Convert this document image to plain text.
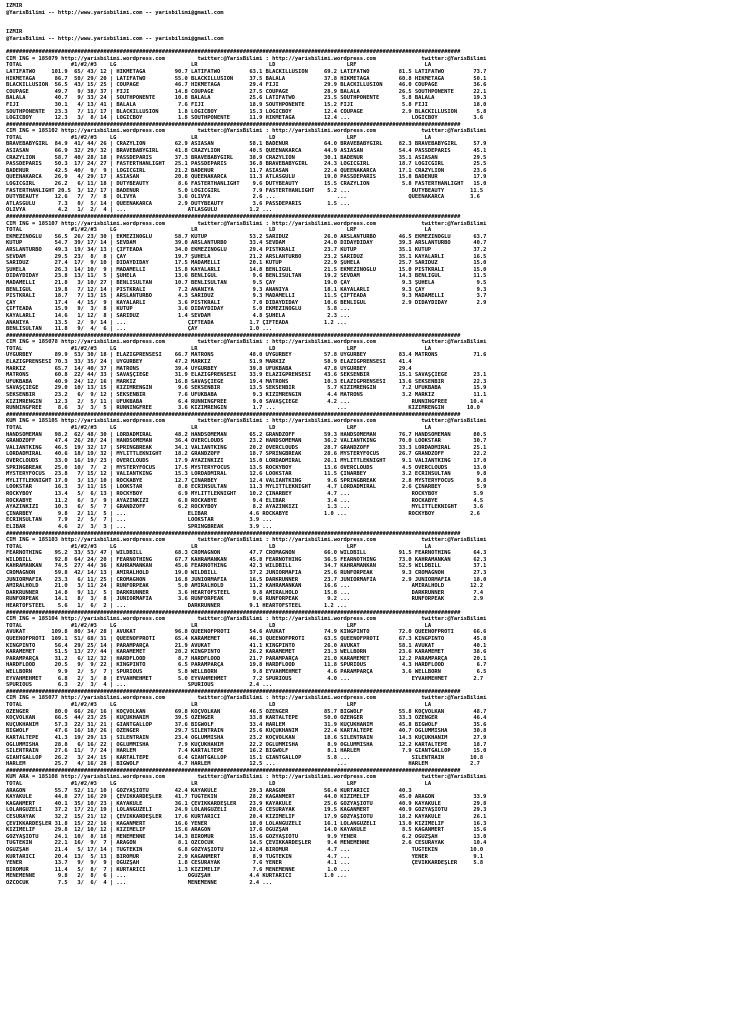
IZMIR
@YarisBilimi -- http://www.yarisbilimi.com -- yarisbilimi@gmail.com

IZMIR
@YarisBilimi -- http://www.yarisbilimi.com -- yarisbilimi@gmail.com

############################################################################################################################################
CIM ING = 185079 http://yarisbilimi.wordpress.com          twitter:@YarisBilimi : http://yarisbilimi.wordpress.com              twitter:@YarisBilimi
TOTAL               #1/#2/#3    LG                       LR                      LD                      LRF                     LA
LATİFATWO     101.9  65/ 43/ 12 | HIKMETAĞA         90.7 LATİFATWO         63.1 BLACKILLUSION     69.2 LATİFATWO         81.5 LATİFATWO         73.7
HIKMETAĞA      86.7  50/ 29/ 20 | LATİFATWO         55.0 BLACKILLUSION     37.5 BALALA            37.8 HIKMETAĞA         60.8 HIKMETAĞA         50.1
BLACKILLUSION  56.5  43/ 15/ 25 | COUPAGE           46.7 HIKMETAĞA         29.4 FIJI              29.9 BLACKILLUSION     46.0 COUPAGE           36.6
COUPAGE        49.7   9/ 38/ 37 | FIJI              14.8 COUPAGE           27.5 COUPAGE           28.9 BALALA            26.5 SOUTHPONENTE      22.1
BALALA         40.7   9/ 33/ 24 | SOUTHPONENTE      10.8 BALALA            25.6 LATİFATWO         23.5 SOUTHPONENTE       5.8 BALALA            19.3
FIJI           30.1   4/ 13/ 41 | BALALA             7.6 FIJI              18.9 SOUTHPONENTE      15.2 FIJI               5.8 FIJI              18.0
SOUTHPONENTE   23.3   7/ 11/ 17 | BLACKILLUSION      1.8 LOGICBOY          15.3 LOGICBOY          12.4 COUPAGE            2.9 BLACKILLUSION      5.8
LOGICBOY       12.3   3/  8/ 14 | LOGICBOY           1.8 SOUTHPONENTE      11.9 HIKMETAĞA         12.4 ...                   LOGICBOY           3.6
############################################################################################################################################
CIM ING = 185102 http://yarisbilimi.wordpress.com          twitter:@YarisBilimi : http://yarisbilimi.wordpress.com              twitter:@YarisBilimi
TOTAL               #1/#2/#3    LG                       LR                      LD                      LRF                     LA
BRÄVEBABYGIRL  84.9  41/ 44/ 26 | CRAZYLION         62.9 ASIASAN           58.1 BADENUR           64.0 BRÄVEBABYGIRL     82.3 BRÄVEBABYGIRL     57.9
ASIASAN        66.9  32/ 29/ 32 | BRÄVEBABYGIRL     41.8 CRAZYLION         40.5 QUEENAKARCA       44.9 ASIASAN           54.4 PASSDEPARIS       45.1
CRAZYLION      58.7  40/ 28/ 18 | PASSDEPARIS       37.3 BRÄVEBABYGIRL     38.9 CRAZYLION         30.1 BADENUR           35.1 ASIASAN           29.5
PASSDEPARIS    50.3  17/ 24/ 27 | FASTERTHANLIGHT   25.1 PASSDEPARIS       36.8 BRÄVEBABYGIRL     24.3 LOGICGIRL         18.7 LOGICGIRL         25.5
BADENUR        42.5  40/  9/  9 | LOGICGIRL         21.2 BADENUR           11.7 ASIASAN           22.4 QUEENAKARCA       17.1 CRAZYLION         23.6
QUEENAKARCA    26.9   4/ 29/ 17 | ASIASAN           20.8 QUEENAKARCA       11.3 ATLASGÜLÜ         19.0 PASSDEPARIS       15.8 BADENUR           17.9
LOGICGIRL      26.2   6/ 11/ 18 | DUTYBEAUTY         8.6 FASTERTHANLIGHT    9.6 DUTYBEAUTY        15.5 CRAZYLION          5.8 FASTERTHANLIGHT   15.0
FASTERTHANLIGHT 20.5  3/ 12/ 17 | BADENUR            5.0 LOGICGIRL          7.9 FASTERTHANLIGHT    5.2 ...                   DUTYBEAUTY        11.5
DUTYBEAUTY     12.6   7/  7/  8 | OLIVYA             3.6 OLIVYA             2.6 ...                   ...                   QUEENAKARCA        3.6
ATLASGÜLÜ       7.3   0/  5/ 14 | QUEENAKARCA        2.9 DUTYBEAUTY         3.6 PASSDEPARIS        1.5 ...
OLIVYA          4.2   1/  2/  4 | ...                   ATLASGÜLÜ          1.2 ...
############################################################################################################################################
CIM ING = 185107 http://yarisbilimi.wordpress.com          twitter:@YarisBilimi : http://yarisbilimi.wordpress.com              twitter:@YarisBilimi
TOTAL               #1/#2/#3    LG                       LR                      LD                      LRF                     LA
EKMEZİNOĞLU    56.5  26/ 23/ 30 | EKMEZİNOĞLU       58.7 KUTUP             53.2 SARIDUZ           26.0 ARSLANTURBO       46.5 EKMEZİNOĞLU       63.7
KUTUP          54.7  39/ 17/ 14 | SEVDAM            39.0 ARSLANTURBO       33.4 SEVDAM            24.0 DIDAYDIDAY        39.3 ARSLANTURBO       40.7
ARSLANTURBO    49.3  19/ 34/ 13 | ÇİFTEADA          34.0 EKMEZİNOĞLU       29.4 PİSTKRALI         23.7 KUTUP             35.1 KUTUP             37.2
SEVDAM         29.5  23/  8/  8 | ÇAY               19.7 ŞUHELA            21.2 ARSLANTURBO       23.2 SARIDUZ           35.1 KAYALARLI         16.5
SARIDUZ        27.4  17/  9/ 10 | DIDAYDIDAY        17.5 MADAMELLİ         20.1 KUTUP             22.9 ŞUHELA            25.7 SARIDUZ           15.0
ŞUHELA         26.3  14/ 10/  9 | MADAMELLİ         15.8 KAYALARLI         14.8 BENLİGÜL          21.5 EKMEZİNOĞLU       15.0 PİSTKRALI         15.0
DIDAYDIDAY     23.8  13/ 11/  5 | ŞUHELA            13.6 BENLİGÜL           9.6 BENLİSULTAN       19.2 SEVDAM            14.3 BENLİGÜL          11.5
MADAMELLİ      21.8   3/ 10/ 27 | BENLİSULTAN       10.7 BENLİSULTAN        9.5 ÇAY               19.0 ÇAY                9.3 ŞUHELA             9.5
BENLİGÜL       19.8   7/ 12/ 14 | PİSTKRALI          7.2 ANANİYA            9.3 ANANİYA           18.1 KAYALARLI          9.3 ÇAY                9.3
PİSTKRALI      18.7   7/ 13/ 15 | ARSLANTURBO        4.3 SARIDUZ            9.3 MADAMELLİ         11.5 ÇİFTEADA           9.3 MADAMELLİ          3.7
ÇAY            17.4   4/ 15/  9 | KAYALARLI          3.6 PİSTKRALI          7.0 DIDAYDIDAY        10.6 BENLİGÜL           2.9 DIDAYDIDAY         2.9
ÇİFTEADA       15.9   9/  3/  8 | KUTUP              3.6 DIDAYDIDAY         5.0 EKMEZİNOĞLU        5.8 ...
KAYALARLI      14.6   1/ 12/  8 | SARIDUZ            1.4 SEVDAM             4.8 ŞUHELA             2.3 ...
ANANİYA        13.5   2/  9/ 14 | ...                   ÇİFTEADA           1.7 ÇİFTEADA           1.2 ...
BENLİSULTAN    11.8   9/  4/  6 | ...                   ÇAY                1.0 ...
############################################################################################################################################
CIM ING = 185078 http://yarisbilimi.wordpress.com          twitter:@YarisBilimi : http://yarisbilimi.wordpress.com              twitter:@YarisBilimi
TOTAL               #1/#2/#3    LG                       LR                      LD                      LRF                     LA
UYGURBEY       89.9  53/ 30/ 18 | ELAZIĞPRENSESİ    66.7 MATRONS           48.0 UYGURBEY          57.8 UYGURBEY          83.4 MATRONS           71.6
ELAZIĞPRENSESİ 70.3  33/ 35/ 24 | UYGURBEY          47.2 MARKIZ            51.9 MARKIZ            58.9 ELAZIĞPRENSESİ    41.4
MARKIZ         65.7  14/ 40/ 37 | MATRONS           39.4 UYGURBEY          39.8 UFUKBABA          47.8 UYGURBEY          29.4
MATRONS        60.8  22/ 44/ 33 | SAVAŞÇIEGE        31.9 ELAZIĞPRENSESİ    33.9 ELAZIĞPRENSESİ    43.6 SEKSENBİR         15.1 SAVAŞÇIEGE        23.1
UFUKBABA       40.9  24/ 12/ 16 | MARKIZ            16.8 SAVAŞÇIEGE        19.4 MATRONS           10.3 ELAZIĞPRENSESİ    13.6 SEKSENBİR         22.3
SAVAŞÇIEGE     29.0  10/ 13/ 15 | KIZIMRENGIN        9.6 SEKSENBİR         13.5 SEKSENBİR          5.7 KIZIMRENGIN        7.2 UFUKBABA          15.9
SEKSENBİR      23.2   6/  9/ 12 | SEKSENBİR          7.6 UFUKBABA           9.3 KIZIMRENGIN        4.4 MATRONS            3.2 MARKIZ            11.1
KIZIMRENGIN    12.3   2/  5/ 11 | UFUKBABA           6.4 RUNNINGFREE        9.0 SAVAŞÇIEGE         4.2 ...                   RUNNINGFREE       10.4
RUNNINGFREE     8.6   3/  3/  5 | RUNNINGFREE        3.6 KIZIMRENGIN        1.7 ...                   ...                   KIZIMRENGIN       10.0
############################################################################################################################################
KUM ING = 185105 http://yarisbilimi.wordpress.com          twitter:@YarisBilimi : http://yarisbilimi.wordpress.com              twitter:@YarisBilimi
TOTAL               #1/#2/#3    LG                       LR                      LD                      LRF                     LA
HANDSOMEMAN    98.2  62/ 48/ 30 | LORDADMIRAL       48.2 HANDSOMEMAN       65.2 GRANDZOFF         59.3 HANDSOMEMAN       76.7 HANDSOMEMAN       80.5
GRANDZOFF      47.4  26/ 28/ 24 | HANDSOMEMAN       36.4 OVERCLOUDS        23.2 HANDSOMEMAN       36.2 VALIANTKING       70.0 LOOKSTAR          30.7
VALIANTKING    46.5  19/ 32/ 17 | SPRINGBREAK       34.1 VALIANTKING       20.2 OVERCLOUDS        28.7 GRANDZOFF         33.3 LORDADMIRAL       25.1
LORDADMIRAL    40.6  18/ 19/ 32 | MYLITTLEKNIGHT    18.2 GRANDZOFF         18.7 SPRINGBREAK       28.6 MYSTERYFOCUS      26.7 GRANDZOFF         22.2
OVERCLOUDS     33.0  16/ 19/ 23 | OVERCLOUDS        17.9 AYAZINKIZI        15.0 LORDADMIRAL       26.1 MYLITTLEKNIGHT     9.1 VALIANTKING       17.0
SPRINGBREAK    25.0  10/  7/  2 | MYSTERYFOCUS      17.5 MYSTERYFOCUS      13.5 ROCKYBOY          13.6 OVERCLOUDS         4.5 OVERCLOUDS        13.0
MYSTERYFOCUS   23.8   7/ 15/ 12 | VALIANTKING       15.3 LORDADMIRAL       12.6 LOOKSTAR          11.5 ÇINARBEY           3.2 ECRINSULTAN        9.8
MYLITTLEKNIGHT 17.0   3/ 13/ 10 | ROCKABYE          12.7 ÇINARBEY          12.4 VALIANTKING        9.6 SPRINGBREAK        2.8 MYSTERYFOCUS       9.8
LOOKSTAR       16.3   3/ 11/ 15 | LOOKSTAR           8.8 ECRINSULTAN       11.3 MYLITTLEKNIGHT     4.7 LORDADMIRAL        2.6 ÇINARBEY           5.9
ROCKYBOY       13.4   5/  6/ 13 | ROCKYBOY           6.9 MYLITTLEKNIGHT    10.2 ÇINARBEY           4.7 ...                   ROCKYBOY           5.9
ROCKABYE       11.2   6/  3/  9 | AYAZINKIZI         6.8 ROCKABYE           9.4 ELİBAR             3.4 ...                   ROCKABYE           4.5
AYAZINKIZI     10.3   6/  5/  7 | GRANDZOFF          6.2 ROCKYBOY           8.2 AYAZINKIZI         1.3 ...                   MYLITTLEKNIGHT     3.6
ÇINARBEY        9.8   2/ 11/  5 | ...                   ELİBAR             4.6 ROCKABYE           1.0 ...                   ROCKYBOY           2.6
ECRINSULTAN     7.9   2/  5/  7 | ...                   LOOKSTAR           3.9 ...
ELİBAR          4.6   2/  3/  3 | ...                   SPRINGBREAK        3.9 ...
############################################################################################################################################
CIM ING = 185103 http://yarisbilimi.wordpress.com          twitter:@YarisBilimi : http://yarisbilimi.wordpress.com              twitter:@YarisBilimi
TOTAL               #1/#2/#3    LG                       LR                      LD                      LRF                     LA
FEARNOTHING    95.2  33/ 53/ 47 | WILDBILL          68.3 CROMAGNON         47.7 CROMAGNON         66.0 WILDBILL          91.5 FEARNOTHING       64.3
WILDBILL       92.8  64/ 24/ 20 | FEARNOTHING       67.7 KAHRAMANKAN       45.8 FEARNOTHING       36.5 FEARNOTHING       73.0 KAHRAMANKAN       62.3
KAHRAMANKAN    74.5  27/ 44/ 36 | KAHRAMANKAN       45.6 FEARNOTHING       42.3 WILDBILL          34.7 KAHRAMANKAN       52.5 WILDBILL          37.1
CROMAGNON      59.8  42/ 14/ 13 | AMIRALHOLD        19.0 WILDBILL          37.2 JUNIORMAFIA       25.6 RUNFORPEAK         9.3 CROMAGNON         27.3
JUNIORMAFIA    23.3   6/ 11/ 25 | CROMAGNON         16.8 JUNIORMAFIA       16.5 DARKRUNNER        23.7 JUNIORMAFIA        2.9 JUNIORMAFIA       18.0
AMIRALHOLD     21.0   3/ 11/ 24 | RUNFORPEAK         5.0 AMIRALHOLD        11.2 KAHRAMANKAN       16.6 ...                   AMIRALHOLD        12.2
DARKRUNNER     14.8   9/ 11/  5 | DARKRUNNER         3.6 HEARTOFSTEEL       9.8 AMIRALHOLD        15.8 ...                   DARKRUNNER         7.4
RUNFORPEAK     14.1   8/  3/  8 | JUNIORMAFIA        3.6 RUNFORPEAK         9.6 RUNFORPEAK         9.2 ...                   RUNFORPEAK         2.9
HEARTOFSTEEL    5.6   1/  6/  2 | ...                   DARKRUNNER         9.1 HEARTOFSTEEL       1.2 ...
############################################################################################################################################
CIM ING = 185104 http://yarisbilimi.wordpress.com          twitter:@YarisBilimi : http://yarisbilimi.wordpress.com              twitter:@YarisBilimi
TOTAL               #1/#2/#3    LG                       LR                      LD                      LRF                     LA
AVUKAT        109.8  80/ 34/ 28 | AVUKAT            96.8 QUEENOFPROTI      54.6 AVUKAT            74.9 KINGPINTO         72.0 QUEENOFPROTI      66.6
QUEENOFPROTI  109.1  51/ 68/ 31 | QUEENOFPROTI      65.4 KARAMEMET         46.3 QUEENOFPROTI      63.5 QUEENOFPROTI      67.3 KINGPINTO         45.8
KINGPINTO      56.4  29/ 25/ 14 | PARAMPARÇA        21.9 AVUKAT            41.1 KINGPINTO         26.0 AVUKAT            58.1 AVUKAT            40.1
KARAMEMET      51.5  13/ 27/ 44 | KARAMEMET         20.2 KINGPINTO         26.2 KARAMEMET         23.3 WELLBORN          23.6 KARAMEMET         38.6
PARAMPARÇA     31.2   6/ 12/ 32 | HARDFLOOD          8.7 HARDFLOOD         21.7 PARAMPARÇA        21.0 KARAMEMET         12.2 PARAMPARÇA        20.1
HARDFLOOD      20.5   9/  9/ 22 | KINGPINTO          6.5 PARAMPARÇA        19.8 HARDFLOOD         11.8 SPURIOUS           4.3 HARDFLOOD          6.7
WELLBORN        9.9   2/  5/  7 | SPURIOUS           5.8 WELLBORN           9.8 EYVAHMEHMET        4.6 PARAMPARÇA         3.6 WELLBORN           6.5
EYVAHMEHMET     6.8   2/  3/  8 | EYVAHMEHMET        5.0 EYVAHMEHMET        7.2 SPURIOUS           4.0 ...                   EYVAHMEHMET        2.7
SPURIOUS        6.3   2/  3/  4 | ...                   SPURIOUS           2.4 ...
############################################################################################################################################
CIM ING = 185077 http://yarisbilimi.wordpress.com          twitter:@YarisBilimi : http://yarisbilimi.wordpress.com              twitter:@YarisBilimi
TOTAL               #1/#2/#3    LG                       LR                      LD                      LRF                     LA
ÖZENGER        80.0  66/ 26/ 16 | KOÇVOLKAN         69.8 KOÇVOLKAN         46.5 ÖZENGER           85.7 BIGWOLF           55.8 KOÇVOLKAN         48.7
KOÇVOLKAN      66.5  44/ 23/ 25 | KÜÇÜKHANIM        39.5 ÖZENGER           33.8 KARTALTEPE        50.0 ÖZENGER           33.3 ÖZENGER           46.4
KÜÇÜKHANIM     57.3  22/ 31/ 21 | GİANTGALLOP       37.6 BIGWOLF           33.4 HARLEM            31.9 KÜÇÜKHANIM        45.8 BIGWOLF           35.6
BIGWOLF        47.6  16/ 18/ 26 | ÖZENGER           29.7 SİLENTRAİN        25.6 KÜÇÜKHANIM        22.4 KARTALTEPE        40.7 OĞLUMMISHA        30.8
KARTALTEPE     41.3  19/ 29/ 13 | SİLENTRAİN        23.4 OĞLUMMISHA        23.2 KOÇVOLKAN         18.6 SİLENTRAİN        14.3 KÜÇÜKHANIM        27.9
OĞLUMMISHA     28.8   6/ 16/ 22 | OĞLUMMISHA         7.9 KÜÇÜKHANIM        22.2 OĞLUMMISHA         8.9 OĞLUMMISHA        12.2 KARTALTEPE        18.7
SİLENTRAİN     27.6  11/  7/ 24 | HARLEM             7.4 KARTALTEPE        16.2 BIGWOLF            8.1 HARLEM             7.9 GİANTGALLOP       15.0
GİANTGALLOP    26.2   3/ 24/ 15 | KARTALTEPE         6.4 GİANTGALLOP       15.1 GİANTGALLOP        5.8 ...                   SİLENTRAİN        10.8
HARLEM         25.7   4/ 16/ 28 | BIGWOLF            4.7 HARLEM            12.5 ...                   ...                   HARLEM             2.7
############################################################################################################################################
KUM ARA = 185108 http://yarisbilimi.wordpress.com          twitter:@YarisBilimi : http://yarisbilimi.wordpress.com              twitter:@YarisBilimi
TOTAL               #1/#2/#3    LG                       LR                      LD                      LRF                     LA
ARAGON         55.7  52/ 11/ 10 | GÖZYAŞIOTU        42.4 KAYAKULE          29.3 ARAGON            56.4 KURTARICI         40.3
KAYAKULE       44.8  27/ 16/ 29 | ÇEVİKKARDEŞLER    41.7 TÜGTEKİN          28.2 KAĞANMERT         44.0 KIZİMELİF         45.0 ARAGON            33.9
KAĞANMERT      40.1  35/ 10/ 23 | KAYAKULE          36.1 ÇEVİKKARDEŞLER    23.9 KAYAKULE          25.6 GÖZYAŞIOTU        40.9 KAYAKULE          29.8
LOLANGÜZELİ    37.2  17/ 21/ 19 | LOLANGÜZELİ       24.9 LOLANGÜZELİ       20.6 CESURAYAK         19.5 KAĞANMERT         40.9 GÖZYAŞIOTU        29.3
CESURAYAK      32.2  15/ 21/ 12 | ÇEVİKKARDEŞLER    17.6 KURTARICI         20.4 KIZİMELİF         17.9 GÖZYAŞIOTU        18.2 KAYAKULE          26.1
ÇEVİKKARDEŞLER 31.8  15/ 22/ 16 | KAĞANMERT         16.6 YENER             18.0 LOLANGÜZELİ       16.1 LOLANGÜZELİ       13.0 KIZİMELİF         16.3
KIZİMELİF      29.8  12/ 10/ 12 | KIZİMELİF         15.6 ARAGON            17.6 OĞUZŞAH           14.0 KAYAKULE           8.5 KAĞANMERT         15.6
GÖZYAŞIOTU     24.1  10/  8/ 18 | MENEMENNE         14.3 BIRÖMÜR           15.6 GÖZYAŞIOTU         9.9 YENER              6.2 OĞUZŞAH           13.0
TÜGTEKİN       22.1  16/  9/  7 | ARAGON             8.1 ÖZCOCUK           14.5 ÇEVİKKARDEŞLER     9.4 MENEMENNE          2.6 CESURAYAK         10.4
OĞUZŞAH        21.4   5/ 17/ 14 | TÜGTEKİN           6.8 GÖZYAŞIOTU        12.4 BIRÖMÜR            4.7 ...                   TÜGTEKİN          10.0
KURTARICI      20.4  13/  5/ 13 | BIRÖMÜR            2.9 KAĞANMERT          8.9 TÜGTEKİN           4.7 ...                   YENER              9.1
YENER          13.7   9/  9/  9 | OĞUZŞAH            1.8 CESURAYAK          7.6 YENER              4.1 ...                   ÇEVİKKARDEŞLER     5.8
BIRÖMÜR        11.4   5/  8/  7 | KURTARICI          1.3 KIZİMELİF          7.6 MENEMENNE          1.0 ...
MENEMENNE       9.8   2/  8/  6 | ...                   OĞUZŞAH            4.4 KURTARICI          1.0 ...
ÖZCOCUK         7.5   3/  6/  4 | ...                   MENEMENNE          2.4 ...
